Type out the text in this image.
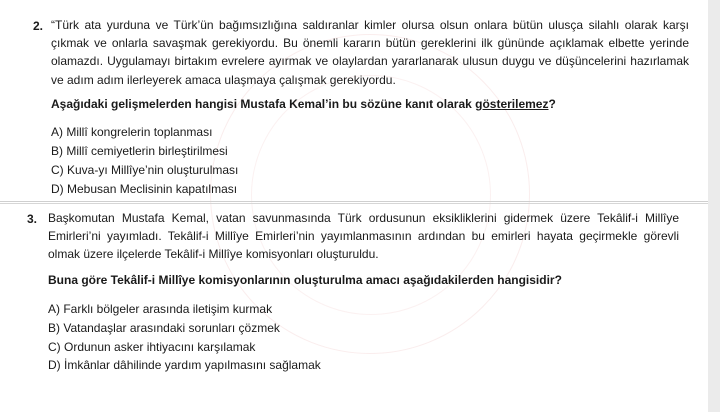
2. “Türk ata yurduna ve Türk’ün bağımsızlığına saldıranlar kimler olursa olsun onlara bütün ulusça silahlı olarak karşı çıkmak ve onlarla savaşmak gerekiyordu. Bu önemli kararın bütün gereklerini ilk gününde açıklamak elbette yerinde olamazdı. Uygulamayı birtakım evrelere ayırmak ve olaylardan yararlanarak ulusun duygu ve düşüncelerini hazırlamak ve adım adım ilerleyerek amaca ulaşmaya çalışmak gerekiyordu.

Aşağıdaki gelişmelerden hangisi Mustafa Kemal’in bu sözüne kanıt olarak gösterilemez?

A) Millî kongrelerin toplanması

B) Millî cemiyetlerin birleştirilmesi

C) Kuva-yı Millîye’nin oluşturulması

D) Mebusan Meclisinin kapatılması

3. Başkomutan Mustafa Kemal, vatan savunmasında Türk ordusunun eksikliklerini gidermek üzere Tekâlif-i Millîye Emirleri’ni yayımladı. Tekâlif-i Millîye Emirleri’nin yayımlanmasının ardından bu emirleri hayata geçirmekle görevli olmak üzere ilçelerde Tekâlif-i Millîye komisyonları oluşturuldu.

Buna göre Tekâlif-i Millîye komisyonlarının oluşturulma amacı aşağıdakilerden hangisidir?

A) Farklı bölgeler arasında iletişim kurmak

B) Vatandaşlar arasındaki sorunları çözmek

C) Ordunun asker ihtiyacını karşılamak

D) İmkânlar dâhilinde yardım yapılmasını sağlamak
